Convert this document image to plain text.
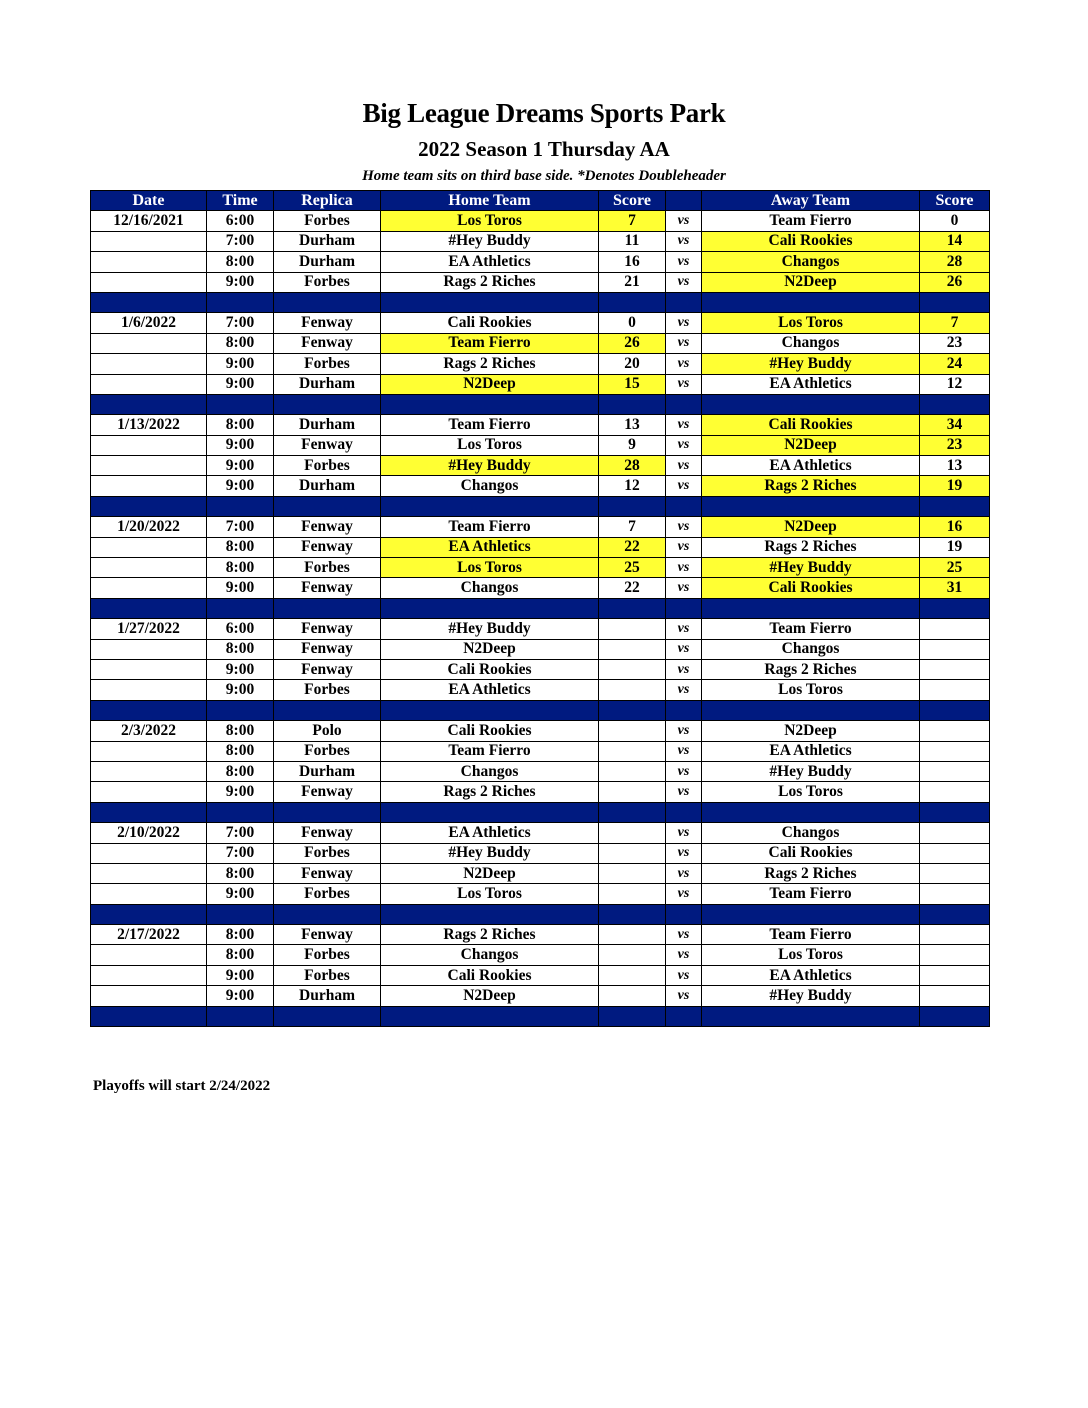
Big League Dreams Sports Park
2022 Season 1 Thursday AA
Home team sits on third base side. *Denotes Doubleheader
Date	Time	Replica	Home Team	Score		Away Team	Score
12/16/2021	6:00	Forbes	Los Toros	7	vs	Team Fierro	0
	7:00	Durham	#Hey Buddy	11	vs	Cali Rookies	14
	8:00	Durham	EA Athletics	16	vs	Changos	28
	9:00	Forbes	Rags 2 Riches	21	vs	N2Deep	26

1/6/2022	7:00	Fenway	Cali Rookies	0	vs	Los Toros	7
	8:00	Fenway	Team Fierro	26	vs	Changos	23
	9:00	Forbes	Rags 2 Riches	20	vs	#Hey Buddy	24
	9:00	Durham	N2Deep	15	vs	EA Athletics	12

1/13/2022	8:00	Durham	Team Fierro	13	vs	Cali Rookies	34
	9:00	Fenway	Los Toros	9	vs	N2Deep	23
	9:00	Forbes	#Hey Buddy	28	vs	EA Athletics	13
	9:00	Durham	Changos	12	vs	Rags 2 Riches	19

1/20/2022	7:00	Fenway	Team Fierro	7	vs	N2Deep	16
	8:00	Fenway	EA Athletics	22	vs	Rags 2 Riches	19
	8:00	Forbes	Los Toros	25	vs	#Hey Buddy	25
	9:00	Fenway	Changos	22	vs	Cali Rookies	31

1/27/2022	6:00	Fenway	#Hey Buddy		vs	Team Fierro	
	8:00	Fenway	N2Deep		vs	Changos	
	9:00	Fenway	Cali Rookies		vs	Rags 2 Riches	
	9:00	Forbes	EA Athletics		vs	Los Toros	

2/3/2022	8:00	Polo	Cali Rookies		vs	N2Deep	
	8:00	Forbes	Team Fierro		vs	EA Athletics	
	8:00	Durham	Changos		vs	#Hey Buddy	
	9:00	Fenway	Rags 2 Riches		vs	Los Toros	

2/10/2022	7:00	Fenway	EA Athletics		vs	Changos	
	7:00	Forbes	#Hey Buddy		vs	Cali Rookies	
	8:00	Fenway	N2Deep		vs	Rags 2 Riches	
	9:00	Forbes	Los Toros		vs	Team Fierro	

2/17/2022	8:00	Fenway	Rags 2 Riches		vs	Team Fierro	
	8:00	Forbes	Changos		vs	Los Toros	
	9:00	Forbes	Cali Rookies		vs	EA Athletics	
	9:00	Durham	N2Deep		vs	#Hey Buddy	

Playoffs will start 2/24/2022
